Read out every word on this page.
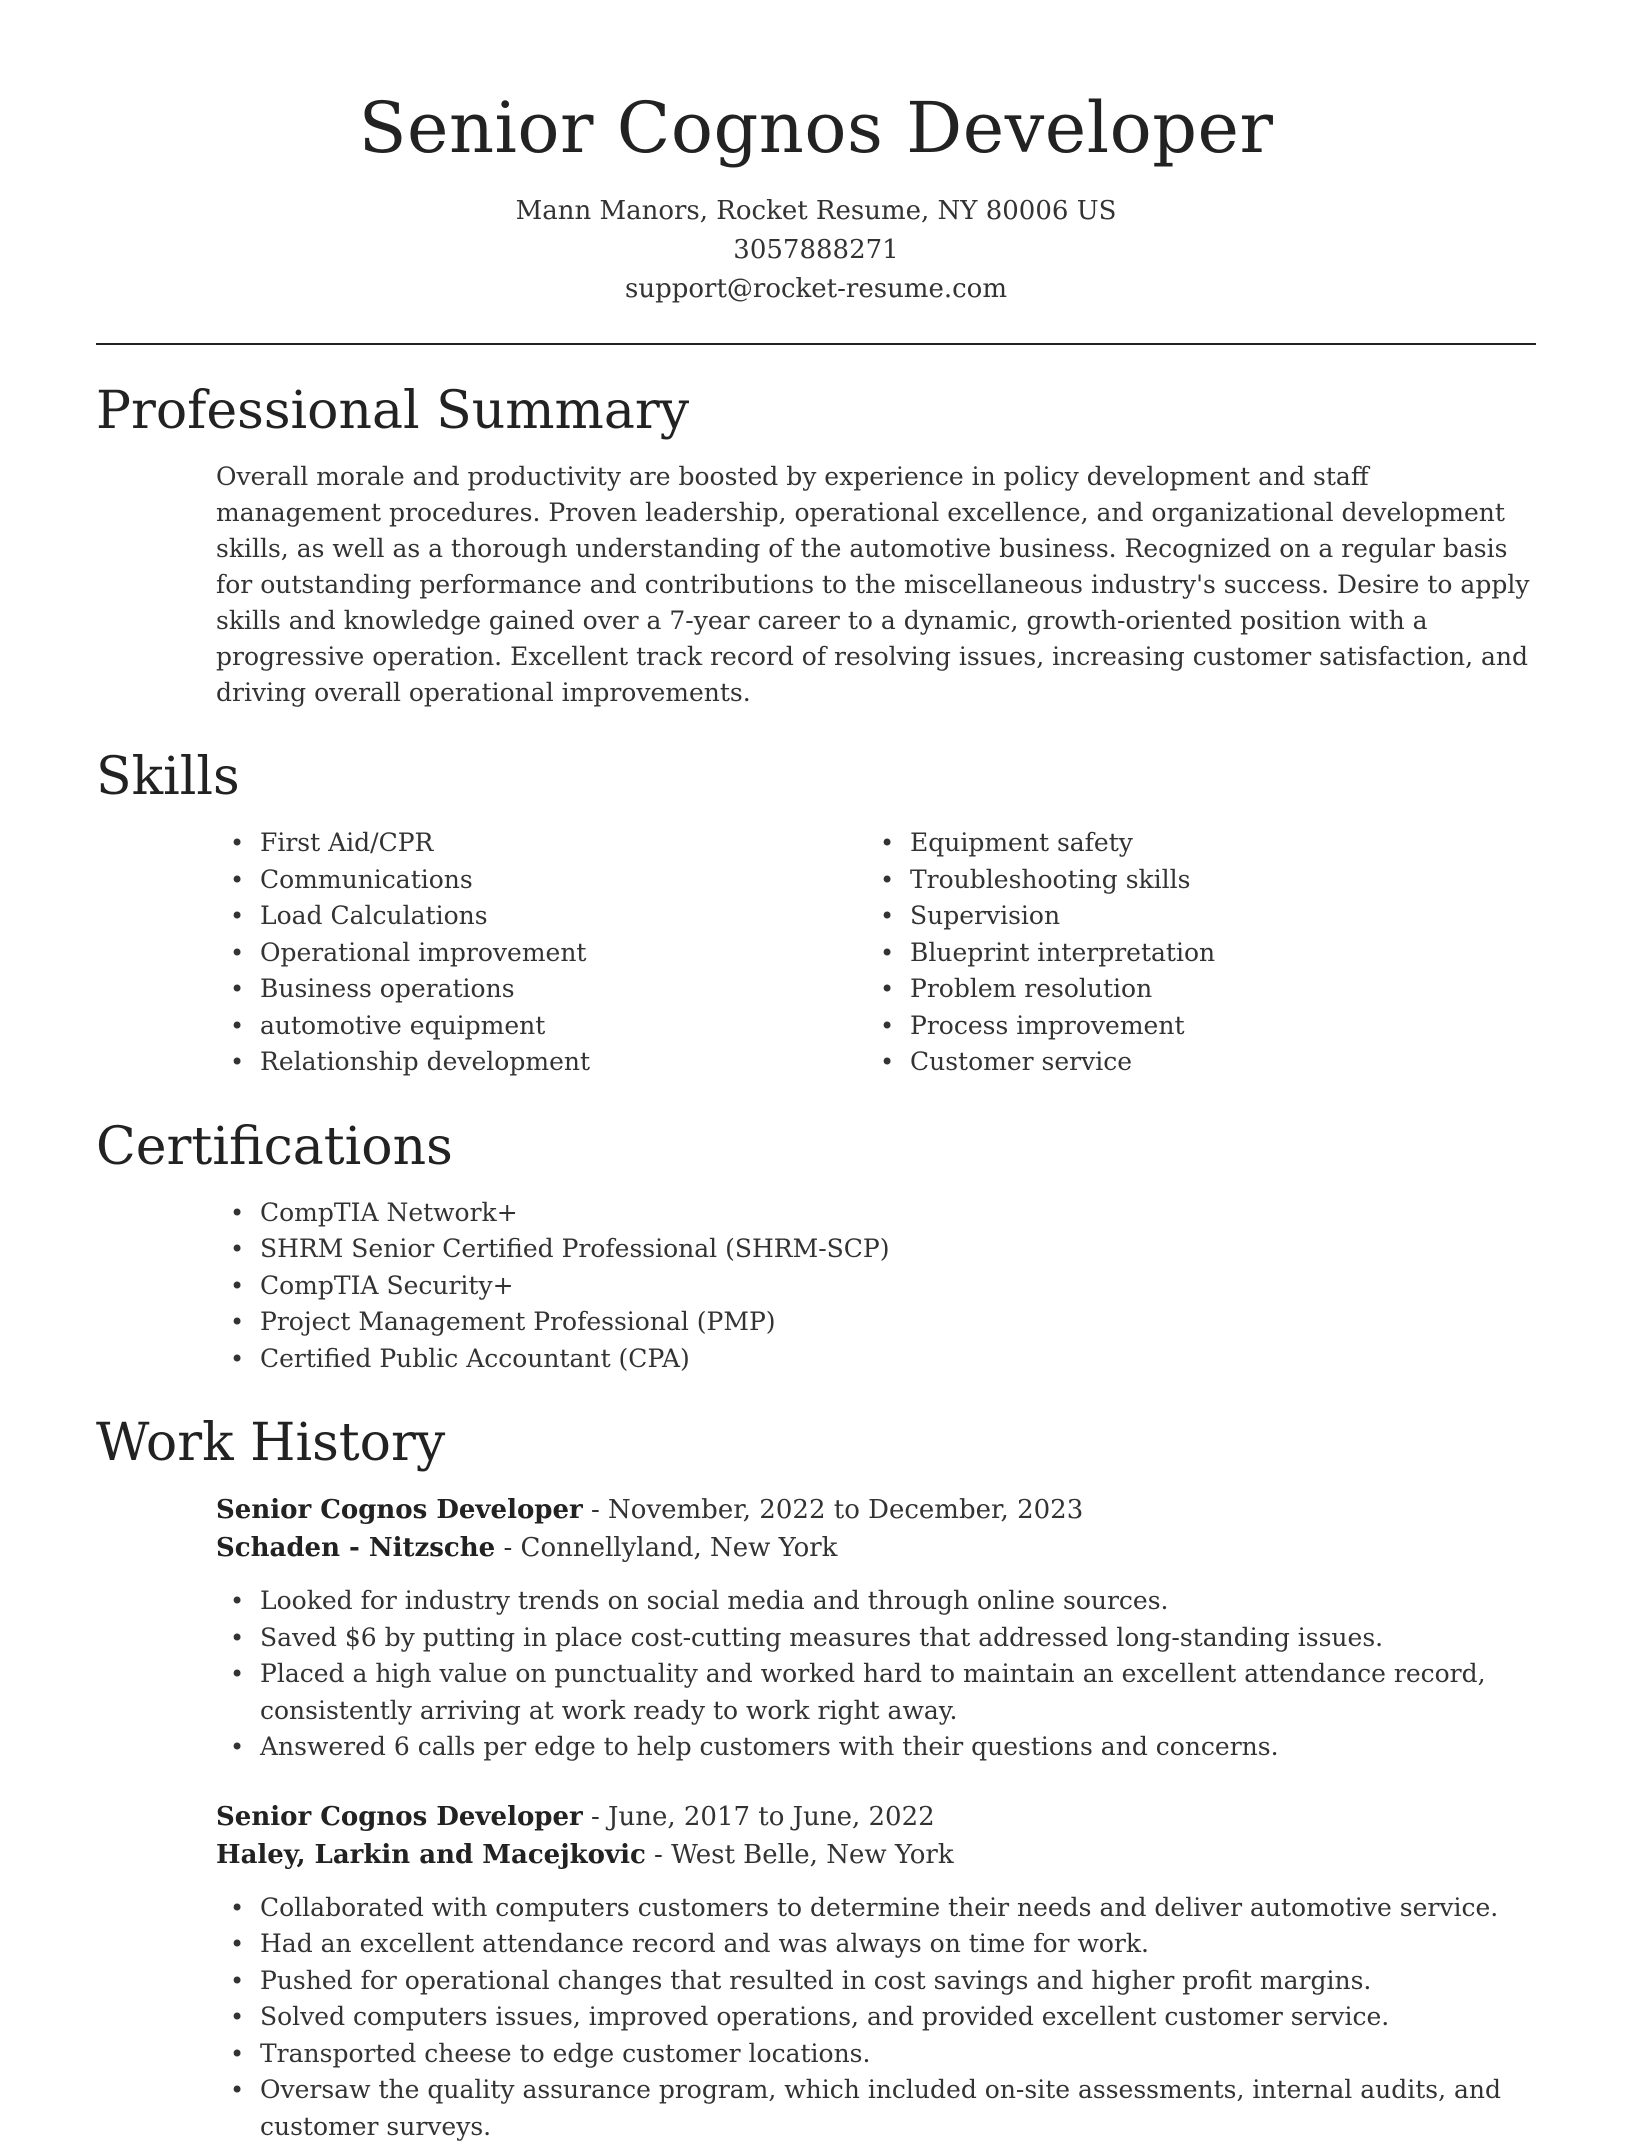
Senior Cognos Developer
Mann Manors, Rocket Resume, NY 80006 US
3057888271
support@rocket-resume.com
Professional Summary
Overall morale and productivity are boosted by experience in policy development and staff management procedures. Proven leadership, operational excellence, and organizational development skills, as well as a thorough understanding of the automotive business. Recognized on a regular basis for outstanding performance and contributions to the miscellaneous industry's success. Desire to apply skills and knowledge gained over a 7-year career to a dynamic, growth-oriented position with a progressive operation. Excellent track record of resolving issues, increasing customer satisfaction, and driving overall operational improvements.
Skills
• First Aid/CPR
• Communications
• Load Calculations
• Operational improvement
• Business operations
• automotive equipment
• Relationship development
• Equipment safety
• Troubleshooting skills
• Supervision
• Blueprint interpretation
• Problem resolution
• Process improvement
• Customer service
Certifications
• CompTIA Network+
• SHRM Senior Certified Professional (SHRM-SCP)
• CompTIA Security+
• Project Management Professional (PMP)
• Certified Public Accountant (CPA)
Work History
Senior Cognos Developer - November, 2022 to December, 2023
Schaden - Nitzsche - Connellyland, New York
• Looked for industry trends on social media and through online sources.
• Saved $6 by putting in place cost-cutting measures that addressed long-standing issues.
• Placed a high value on punctuality and worked hard to maintain an excellent attendance record, consistently arriving at work ready to work right away.
• Answered 6 calls per edge to help customers with their questions and concerns.
Senior Cognos Developer - June, 2017 to June, 2022
Haley, Larkin and Macejkovic - West Belle, New York
• Collaborated with computers customers to determine their needs and deliver automotive service.
• Had an excellent attendance record and was always on time for work.
• Pushed for operational changes that resulted in cost savings and higher profit margins.
• Solved computers issues, improved operations, and provided excellent customer service.
• Transported cheese to edge customer locations.
• Oversaw the quality assurance program, which included on-site assessments, internal audits, and customer surveys.
